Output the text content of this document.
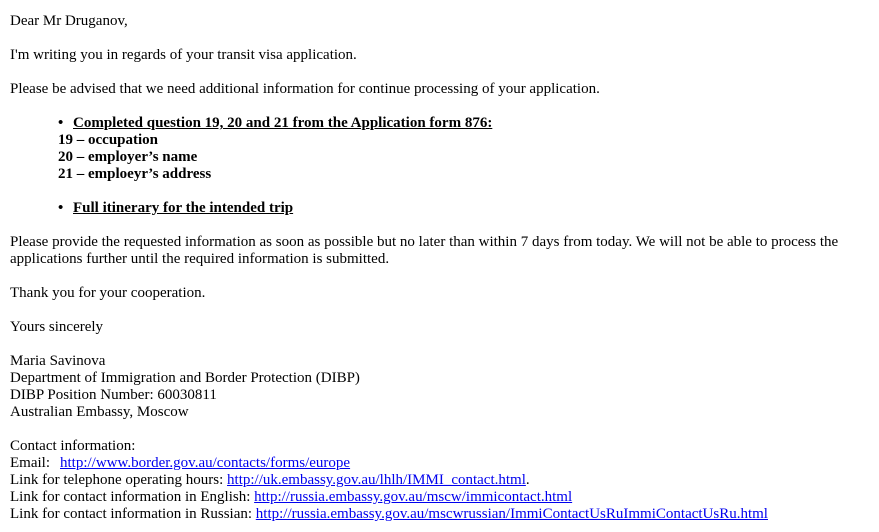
Dear Mr Druganov,

I'm writing you in regards of your transit visa application.

Please be advised that we need additional information for continue processing of your application.

• Completed question 19, 20 and 21 from the Application form 876:
19 – occupation
20 – employer’s name
21 – emploeyr’s address
• Full itinerary for the intended trip

Please provide the requested information as soon as possible but no later than within 7 days from today. We will not be able to process the applications further until the required information is submitted.

Thank you for your cooperation.

Yours sincerely

Maria Savinova
Department of Immigration and Border Protection (DIBP)
DIBP Position Number: 60030811
Australian Embassy, Moscow
Contact information:
Email: http://www.border.gov.au/contacts/forms/europe
Link for telephone operating hours: http://uk.embassy.gov.au/lhlh/IMMI_contact.html.
Link for contact information in English: http://russia.embassy.gov.au/mscw/immicontact.html
Link for contact information in Russian: http://russia.embassy.gov.au/mscwrussian/ImmiContactUsRuImmiContactUsRu.html
